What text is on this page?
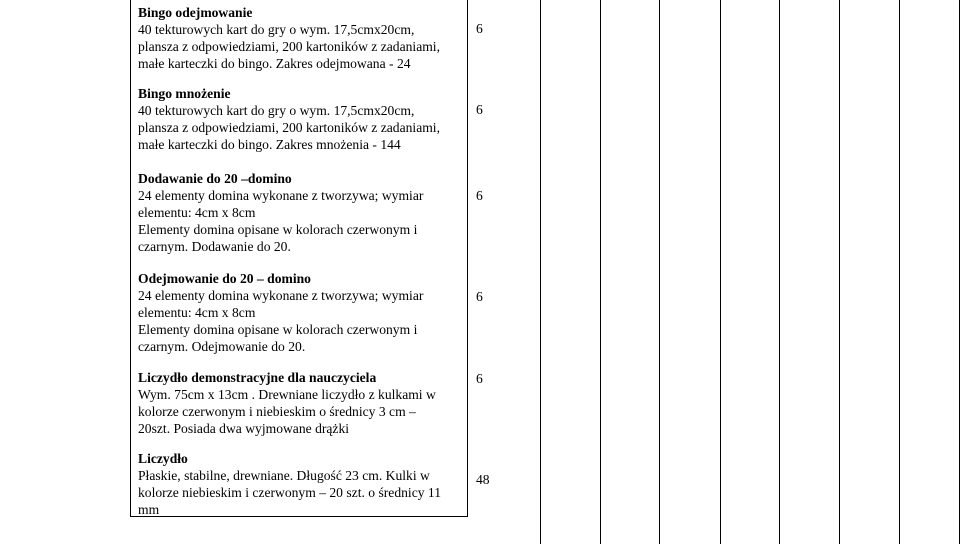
Bingo odejmowanie
40 tekturowych kart do gry o wym. 17,5cmx20cm,
plansza z odpowiedziami, 200 kartoników z zadaniami,
małe karteczki do bingo. Zakres odejmowana - 24
6
Bingo mnożenie
40 tekturowych kart do gry o wym. 17,5cmx20cm,
plansza z odpowiedziami, 200 kartoników z zadaniami,
małe karteczki do bingo. Zakres mnożenia - 144
6
Dodawanie do 20 –domino
24 elementy domina wykonane z tworzywa; wymiar
elementu: 4cm x 8cm
Elementy domina opisane w kolorach czerwonym i
czarnym. Dodawanie do 20.
6
Odejmowanie do 20 – domino
24 elementy domina wykonane z tworzywa; wymiar
elementu: 4cm x 8cm
Elementy domina opisane w kolorach czerwonym i
czarnym. Odejmowanie do 20.
6
Liczydło demonstracyjne dla nauczyciela
Wym. 75cm x 13cm . Drewniane liczydło z kulkami w
kolorze czerwonym i niebieskim o średnicy 3 cm –
20szt. Posiada dwa wyjmowane drążki
6
Liczydło
Płaskie, stabilne, drewniane. Długość 23 cm. Kulki w
kolorze niebieskim i czerwonym – 20 szt. o średnicy 11
mm
48
